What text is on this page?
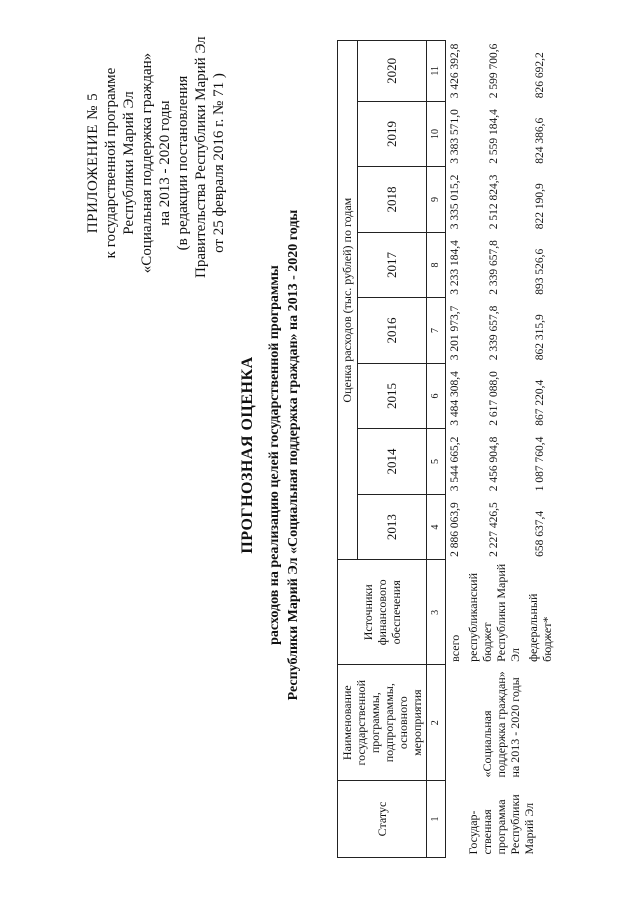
ПРИЛОЖЕНИЕ № 5 к государственной программе Республики Марий Эл «Социальная поддержка граждан» на 2013 - 2020 годы (в редакции постановления Правительства Республики Марий Эл от 25 февраля 2016 г. № 71 )
ПРОГНОЗНАЯ ОЦЕНКА расходов на реализацию целей государственной программы Республики Марий Эл «Социальная поддержка граждан» на 2013 - 2020 годы
Статус	Наименование государственной программы, подпрограммы, основного мероприятия	Источники финансового обеспечения	Оценка расходов (тыс. рублей) по годам							
			2013	2014	2015	2016	2017	2018	2019	2020
1	2	3	4	5	6	7	8	9	10	11
Государ-ственная программа Республики Марий Эл	«Социальная поддержка граждан» на 2013 - 2020 годы	всего	2 886 063,9	3 544 665,2	3 484 308,4	3 201 973,7	3 233 184,4	3 335 015,2	3 383 571,0	3 426 392,8
		республиканский бюджет Республики Марий Эл	2 227 426,5	2 456 904,8	2 617 088,0	2 339 657,8	2 339 657,8	2 512 824,3	2 559 184,4	2 599 700,6
		федеральный бюджет*	658 637,4	1 087 760,4	867 220,4	862 315,9	893 526,6	822 190,9	824 386,6	826 692,2
